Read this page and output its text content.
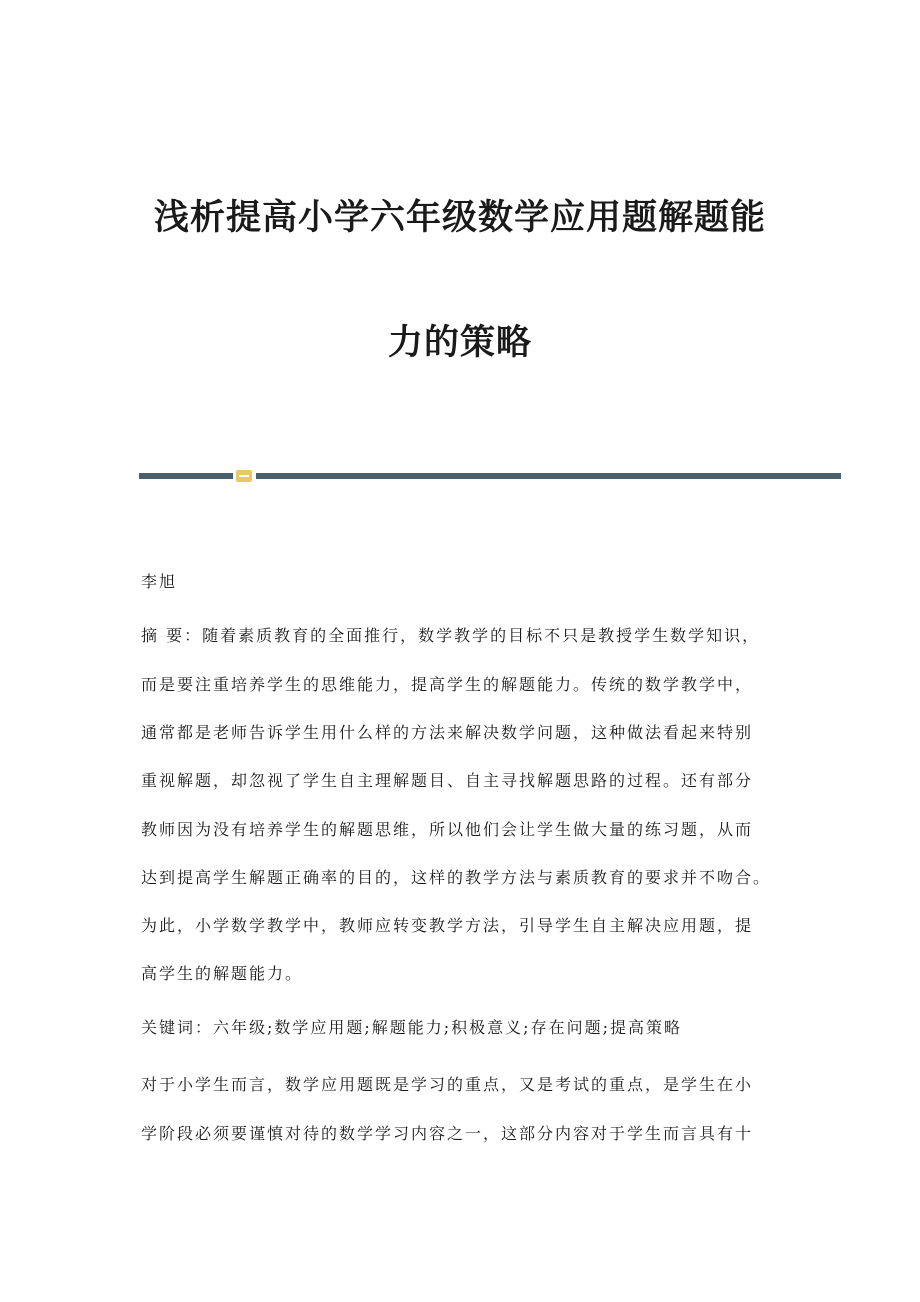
浅析提高小学六年级数学应用题解题能
力的策略
李旭
摘 要：随着素质教育的全面推行，数学教学的目标不只是教授学生数学知识，
而是要注重培养学生的思维能力，提高学生的解题能力。传统的数学教学中，
通常都是老师告诉学生用什么样的方法来解决数学问题，这种做法看起来特别
重视解题，却忽视了学生自主理解题目、自主寻找解题思路的过程。还有部分
教师因为没有培养学生的解题思维，所以他们会让学生做大量的练习题，从而
达到提高学生解题正确率的目的，这样的教学方法与素质教育的要求并不吻合。
为此，小学数学教学中，教师应转变教学方法，引导学生自主解决应用题，提
高学生的解题能力。
关键词：六年级;数学应用题;解题能力;积极意义;存在问题;提高策略
对于小学生而言，数学应用题既是学习的重点，又是考试的重点，是学生在小
学阶段必须要谨慎对待的数学学习内容之一，这部分内容对于学生而言具有十
